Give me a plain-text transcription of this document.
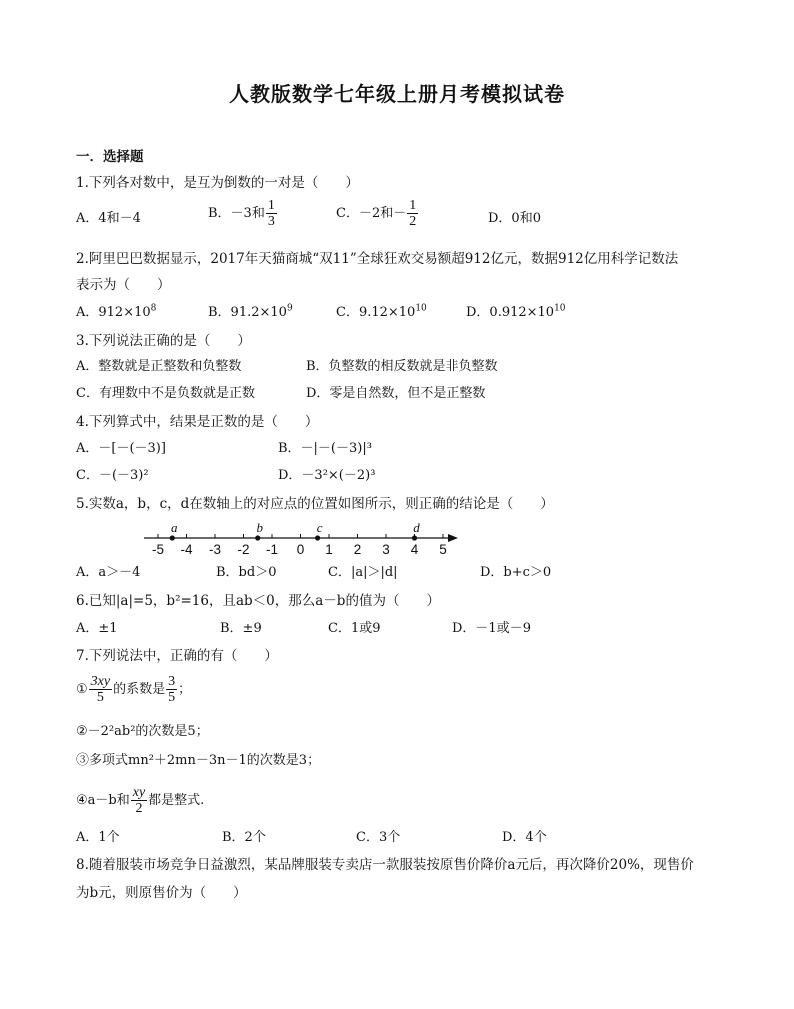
人教版数学七年级上册月考模拟试卷
一．选择题
1.下列各对数中，是互为倒数的一对是（　　）
A．4和－4	B．－3和 $\frac{1}{3}$	C．－2和－ $\frac{1}{2}$	D．0和0
2.阿里巴巴数据显示，2017年天猫商城“双11”全球狂欢交易额超912亿元，数据912亿用科学记数法
表示为（　　）
A．$912\times 10^8$	B．$91.2\times 10^9$	C．$9.12\times 10^{10}$	D．$0.912\times 10^{10}$
3.下列说法正确的是（　　）
A．整数就是正整数和负整数	B．负整数的相反数就是非负整数
C．有理数中不是负数就是正数	D．零是自然数，但不是正整数
4.下列算式中，结果是正数的是（　　）
A．－[－(－3)]	B．－|－(－3)|³
C．－(－3)²	D．－3²×(－2)³
5.实数a，b，c，d在数轴上的对应点的位置如图所示，则正确的结论是（　　）
-5 -4 -3 -2 -1 0 1 2 3 4 5
a	b	c	d
A．a＞－4	B．bd＞0	C．|a|＞|d|	D．b+c＞0
6.已知|a|=5，b²=16，且ab＜0，那么a－b的值为（　　）
A．±1	B．±9	C．1或9	D．－1或－9
7.下列说法中，正确的有（　　）
① $\frac{3xy}{5}$ 的系数是 $\frac{3}{5}$ ；
②－2²ab²的次数是5；
③多项式mn²＋2mn－3n－1的次数是3；
④a－b和 $\frac{xy}{2}$ 都是整式.
A．1个	B．2个	C．3个	D．4个
8.随着服装市场竞争日益激烈，某品牌服装专卖店一款服装按原售价降价a元后，再次降价20%，现售价
为b元，则原售价为（　　）
